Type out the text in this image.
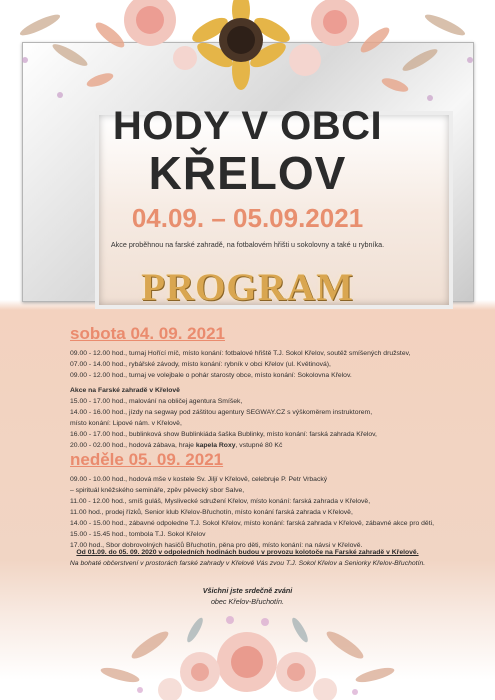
HODY V OBCI
KŘELOV
04.09. – 05.09.2021
Akce proběhnou na farské zahradě, na fotbalovém hřišti u sokolovny a také u rybníka.
PROGRAM
sobota 04. 09. 2021
09.00 - 12.00 hod., turnaj Hořící míč, místo konání: fotbalové hřiště T.J. Sokol Křelov, soutěž smíšených družstev,
07.00 - 14.00 hod., rybářské závody, místo konání: rybník v obci Křelov (ul. Květinová),
09.00 - 12.00 hod., turnaj ve volejbale o pohár starosty obce, místo konání: Sokolovna Křelov.
Akce na Farské zahradě v Křelově
15.00 - 17.00 hod., malování na obličej agentura Smíšek,
14.00 - 16.00 hod., jízdy na segway pod záštitou agentury SEGWAY.CZ s výškoměrem instruktorem,
místo konání: Lipové nám. v Křelově,
16.00 - 17.00 hod., bublinková show Bublinkiáda šaška Bublinky, místo konání: farská zahrada Křelov,
20.00 - 02.00 hod., hodová zábava, hraje kapela Roxy, vstupné 80 Kč
neděle 05. 09. 2021
09.00 - 10.00 hod., hodová mše v kostele Sv. Jiljí v Křelově, celebruje P. Petr Vrbacký
– spirituál kněžského semináře, zpěv pěvecký sbor Salve,
11.00 - 12.00 hod., smíš guláš, Myslivecké sdružení Křelov, místo konání: farská zahrada v Křelově,
11.00 hod., prodej řízků, Senior klub Křelov-Břuchotín, místo konání farská zahrada v Křelově,
14.00 - 15.00 hod., zábavné odpoledne T.J. Sokol Křelov, místo konání: farská zahrada v Křelově, zábavné akce pro děti,
15.00 - 15.45 hod., tombola T.J. Sokol Křelov
17.00 hod., Sbor dobrovolných hasičů Břuchotín, pěna pro děti, místo konání: na návsi v Křelově.
Od 01.09. do 05. 09. 2020 v odpoledních hodinách budou v provozu kolotoče na Farské zahradě v Křelově.
Na bohaté občerstvení v prostorách farské zahrady v Křelově Vás zvou T.J. Sokol Křelov a Seniorky Křelov-Břuchotín.
Všichni jste srdečně zváni
obec Křelov-Břuchotín.
